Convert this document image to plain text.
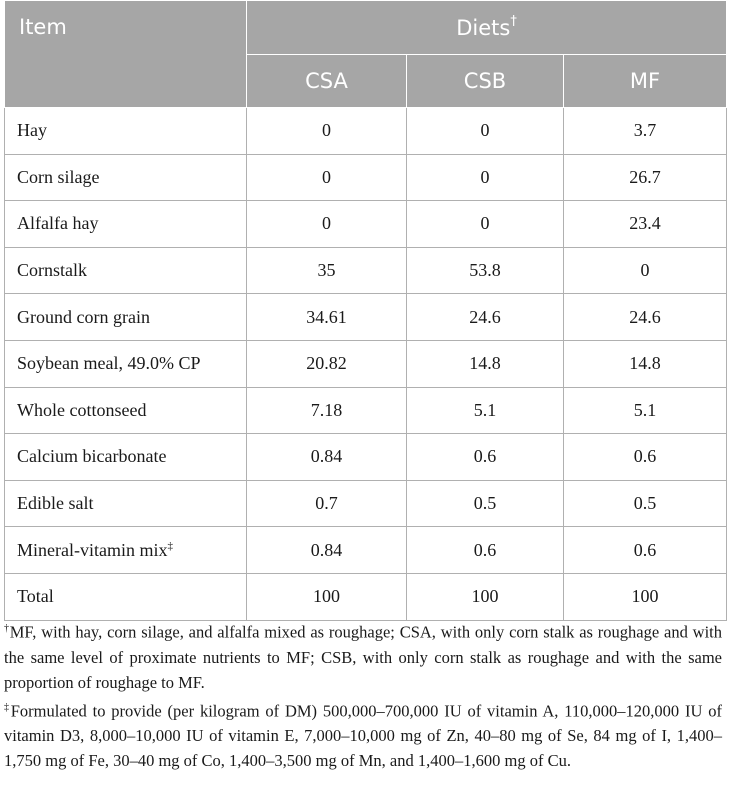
Item	Diets†
	CSA	CSB	MF
Hay	0	0	3.7
Corn silage	0	0	26.7
Alfalfa hay	0	0	23.4
Cornstalk	35	53.8	0
Ground corn grain	34.61	24.6	24.6
Soybean meal, 49.0% CP	20.82	14.8	14.8
Whole cottonseed	7.18	5.1	5.1
Calcium bicarbonate	0.84	0.6	0.6
Edible salt	0.7	0.5	0.5
Mineral-vitamin mix‡	0.84	0.6	0.6
Total	100	100	100

†MF, with hay, corn silage, and alfalfa mixed as roughage; CSA, with only corn stalk as roughage and with the same level of proximate nutrients to MF; CSB, with only corn stalk as roughage and with the same proportion of roughage to MF.

‡Formulated to provide (per kilogram of DM) 500,000–700,000 IU of vitamin A, 110,000–120,000 IU of vitamin D3, 8,000–10,000 IU of vitamin E, 7,000–10,000 mg of Zn, 40–80 mg of Se, 84 mg of I, 1,400–1,750 mg of Fe, 30–40 mg of Co, 1,400–3,500 mg of Mn, and 1,400–1,600 mg of Cu.
